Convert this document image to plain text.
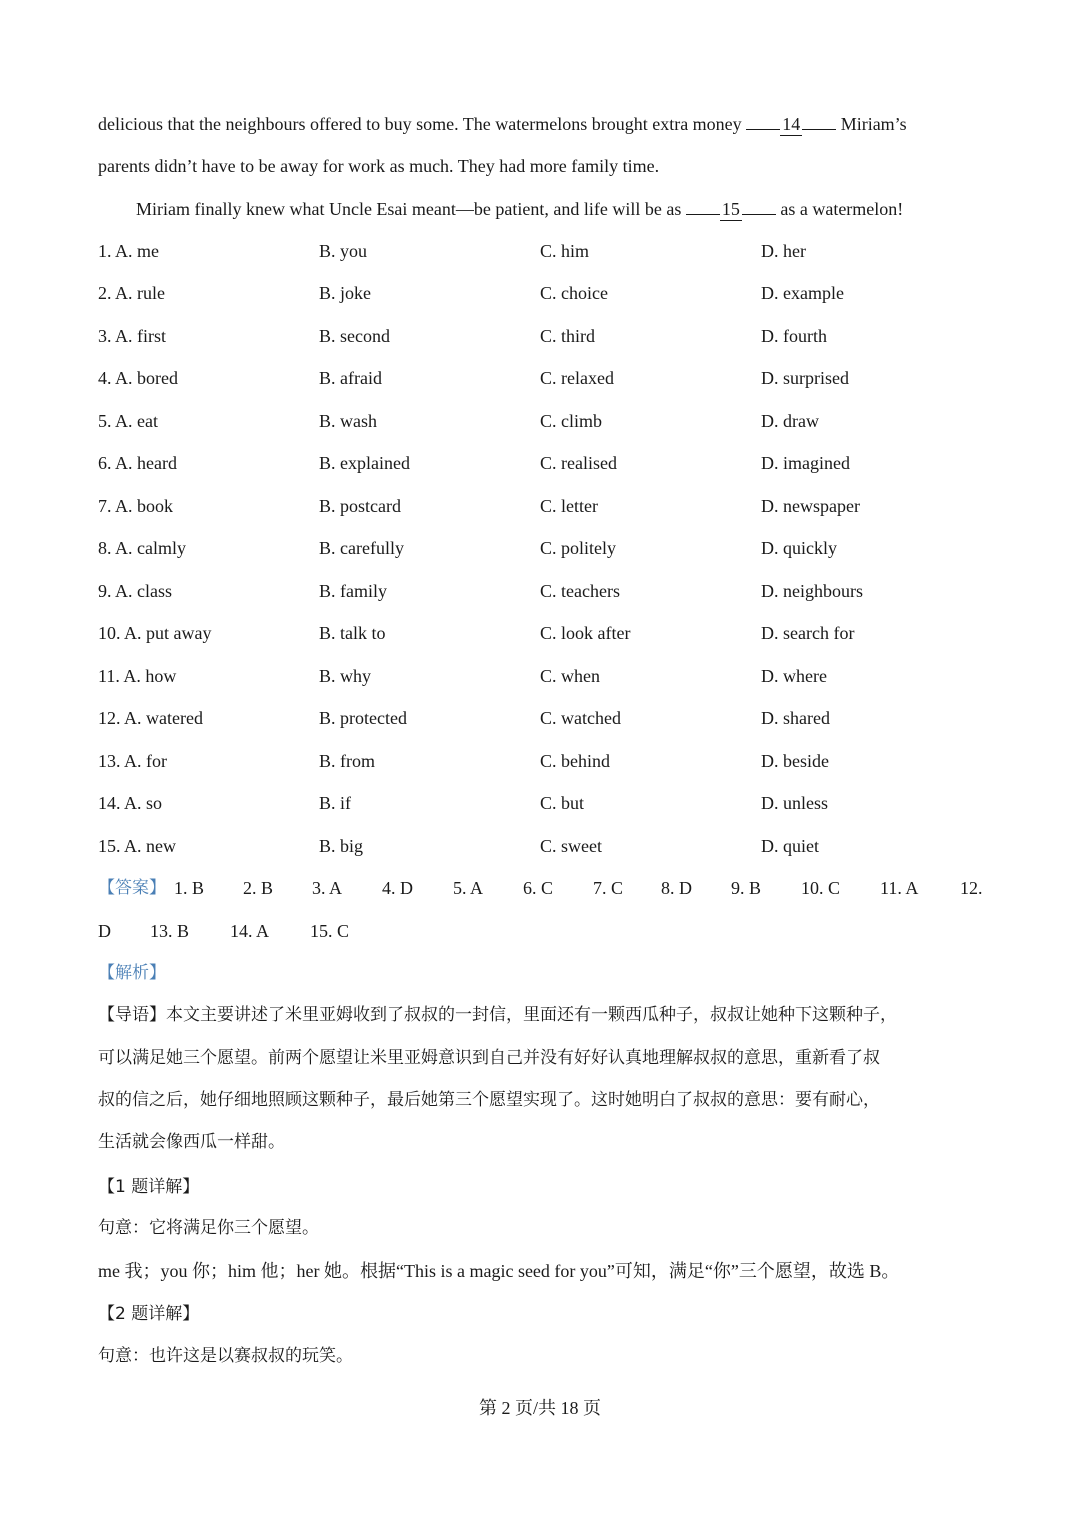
delicious that the neighbours offered to buy some. The watermelons brought extra money 14 Miriam’s
parents didn’t have to be away for work as much. They had more family time.
Miriam finally knew what Uncle Esai meant—be patient, and life will be as 15 as a watermelon!
1. A. me	B. you	C. him	D. her
2. A. rule	B. joke	C. choice	D. example
3. A. first	B. second	C. third	D. fourth
4. A. bored	B. afraid	C. relaxed	D. surprised
5. A. eat	B. wash	C. climb	D. draw
6. A. heard	B. explained	C. realised	D. imagined
7. A. book	B. postcard	C. letter	D. newspaper
8. A. calmly	B. carefully	C. politely	D. quickly
9. A. class	B. family	C. teachers	D. neighbours
10. A. put away	B. talk to	C. look after	D. search for
11. A. how	B. why	C. when	D. where
12. A. watered	B. protected	C. watched	D. shared
13. A. for	B. from	C. behind	D. beside
14. A. so	B. if	C. but	D. unless
15. A. new	B. big	C. sweet	D. quiet
【答案】 1. B 2. B 3. A 4. D 5. A 6. C 7. C 8. D 9. B 10. C 11. A 12.
D 13. B 14. A 15. C
【解析】
【导语】本文主要讲述了米里亚姆收到了叔叔的一封信，里面还有一颗西瓜种子，叔叔让她种下这颗种子，
可以满足她三个愿望。前两个愿望让米里亚姆意识到自己并没有好好认真地理解叔叔的意思，重新看了叔
叔的信之后，她仔细地照顾这颗种子，最后她第三个愿望实现了。这时她明白了叔叔的意思：要有耐心，
生活就会像西瓜一样甜。
【1 题详解】
句意：它将满足你三个愿望。
me 我；you 你；him 他；her 她。根据“This is a magic seed for you”可知，满足“你”三个愿望，故选 B。
【2 题详解】
句意：也许这是以赛叔叔的玩笑。
第 2 页/共 18 页
